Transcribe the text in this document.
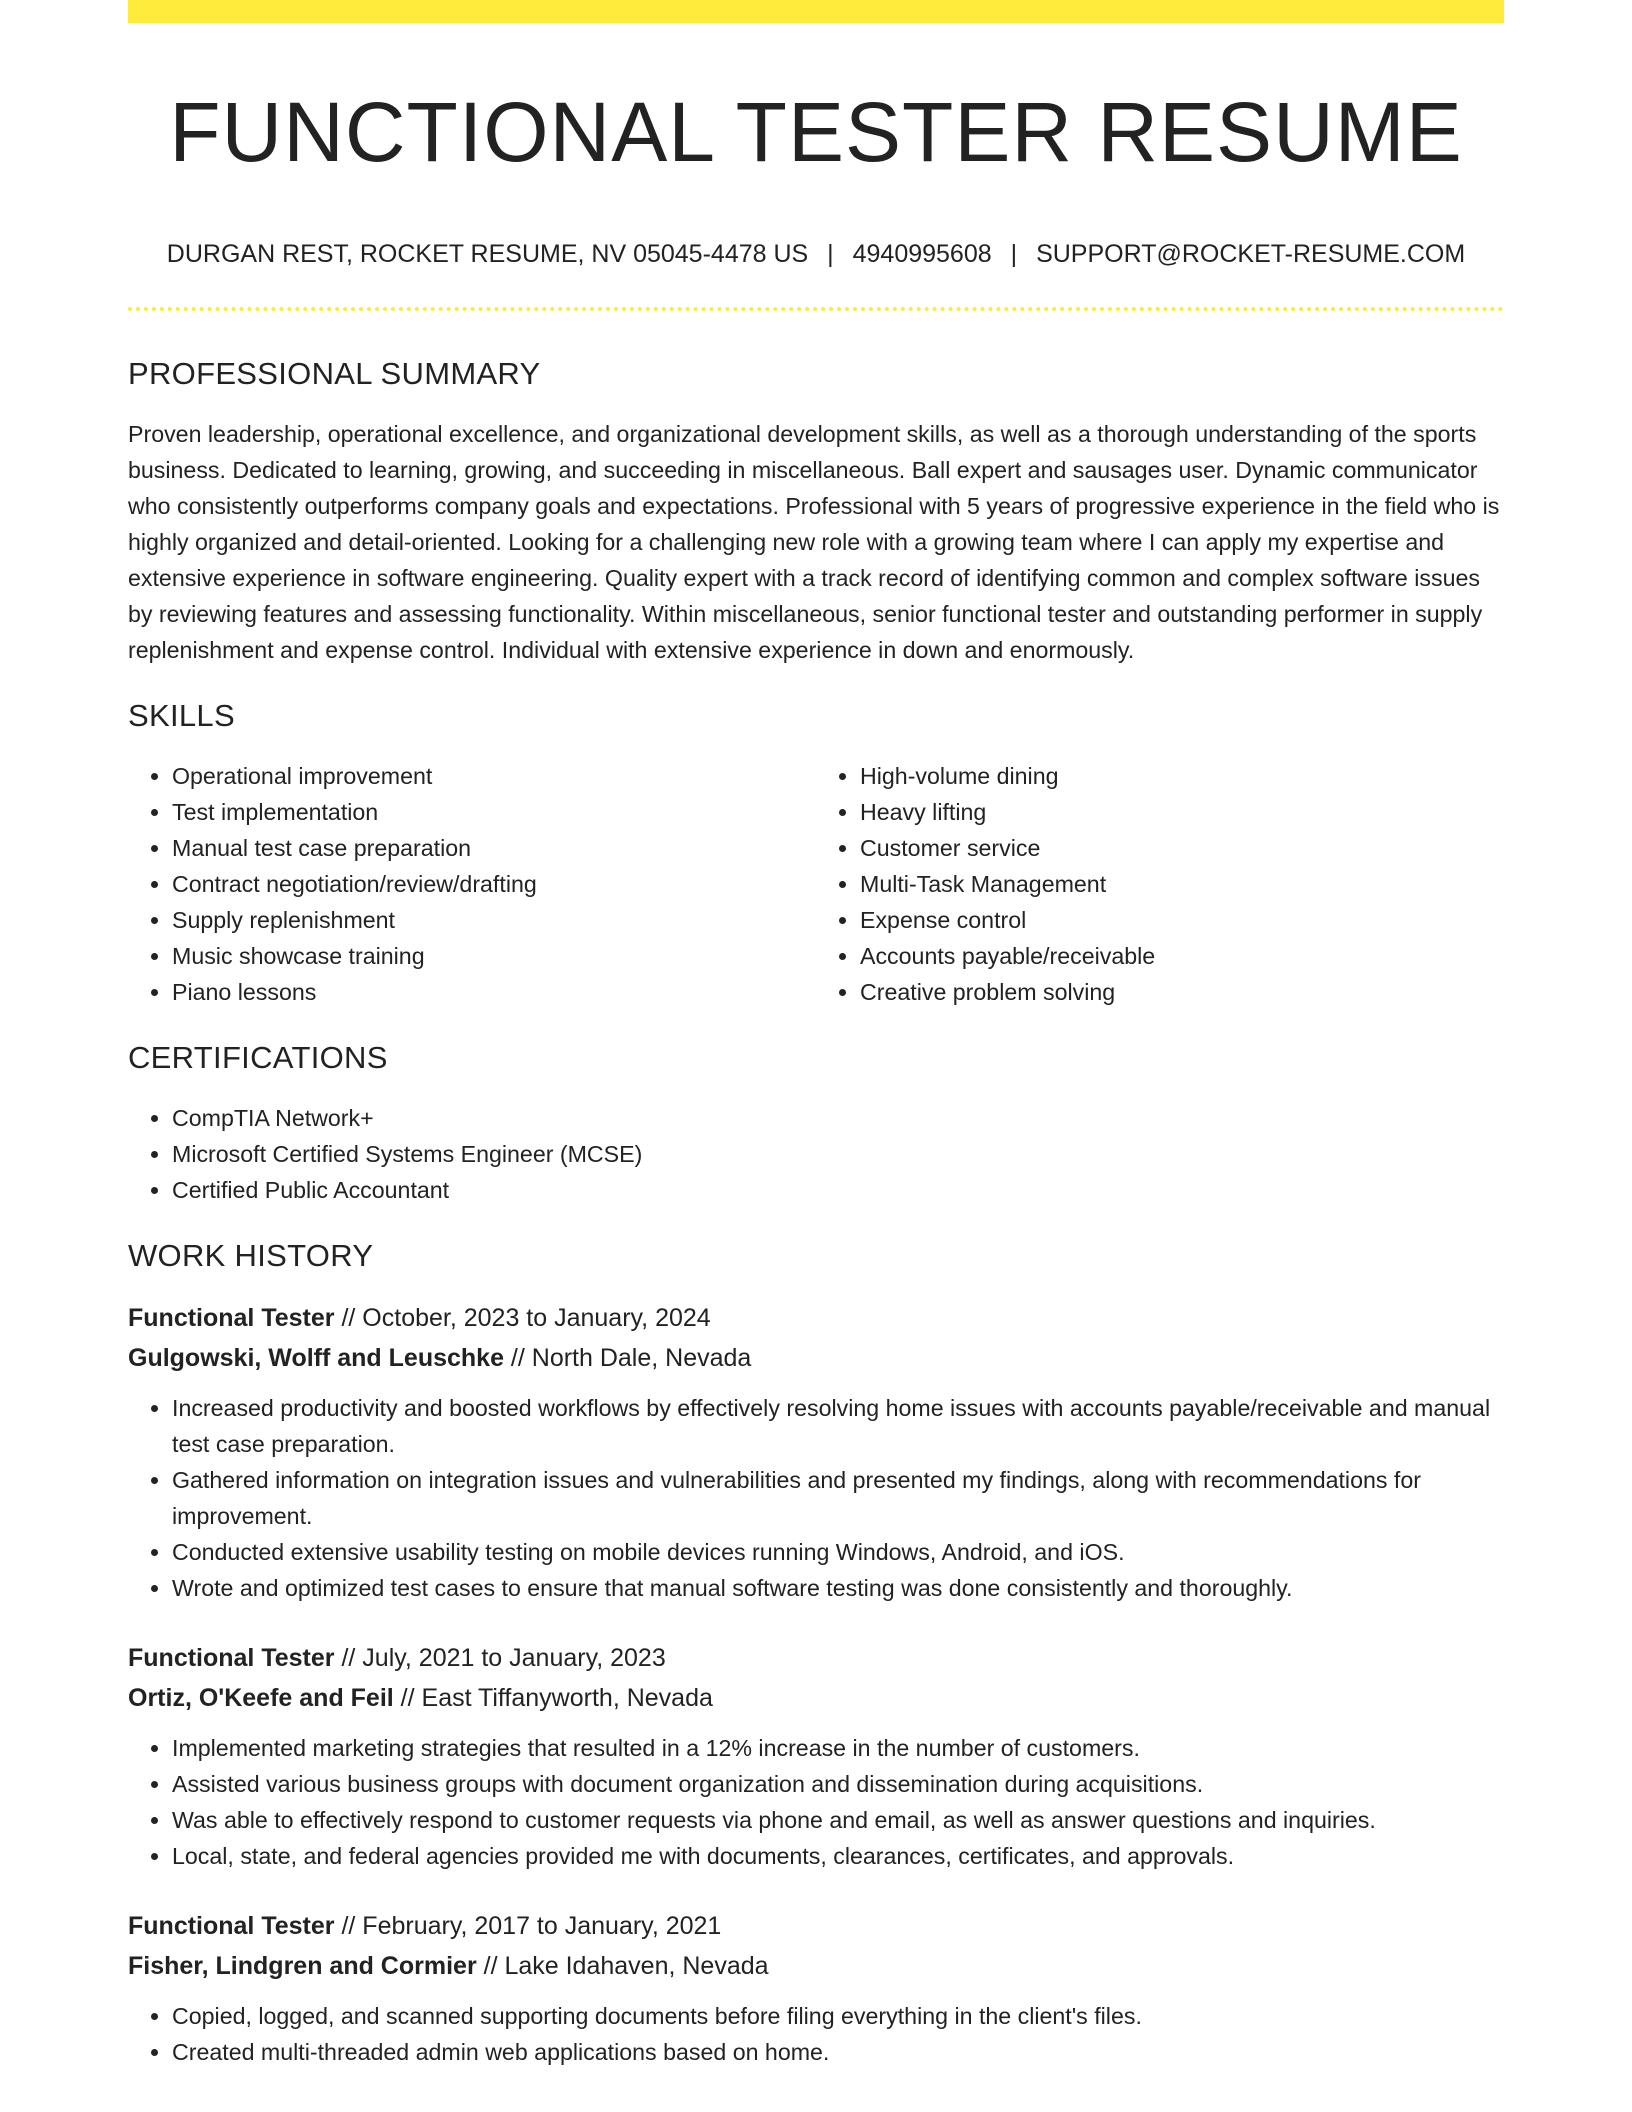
FUNCTIONAL TESTER RESUME
DURGAN REST, ROCKET RESUME, NV 05045-4478 US | 4940995608 | SUPPORT@ROCKET-RESUME.COM
PROFESSIONAL SUMMARY

Proven leadership, operational excellence, and organizational development skills, as well as a thorough understanding of the sports business. Dedicated to learning, growing, and succeeding in miscellaneous. Ball expert and sausages user. Dynamic communicator who consistently outperforms company goals and expectations. Professional with 5 years of progressive experience in the field who is highly organized and detail-oriented. Looking for a challenging new role with a growing team where I can apply my expertise and extensive experience in software engineering. Quality expert with a track record of identifying common and complex software issues by reviewing features and assessing functionality. Within miscellaneous, senior functional tester and outstanding performer in supply replenishment and expense control. Individual with extensive experience in down and enormously.

SKILLS
• Operational improvement
• Test implementation
• Manual test case preparation
• Contract negotiation/review/drafting
• Supply replenishment
• Music showcase training
• Piano lessons
• High-volume dining
• Heavy lifting
• Customer service
• Multi-Task Management
• Expense control
• Accounts payable/receivable
• Creative problem solving
CERTIFICATIONS
• CompTIA Network+
• Microsoft Certified Systems Engineer (MCSE)
• Certified Public Accountant
WORK HISTORY
Functional Tester // October, 2023 to January, 2024
Gulgowski, Wolff and Leuschke // North Dale, Nevada
• Increased productivity and boosted workflows by effectively resolving home issues with accounts payable/receivable and manual test case preparation.
• Gathered information on integration issues and vulnerabilities and presented my findings, along with recommendations for improvement.
• Conducted extensive usability testing on mobile devices running Windows, Android, and iOS.
• Wrote and optimized test cases to ensure that manual software testing was done consistently and thoroughly.
Functional Tester // July, 2021 to January, 2023
Ortiz, O'Keefe and Feil // East Tiffanyworth, Nevada
• Implemented marketing strategies that resulted in a 12% increase in the number of customers.
• Assisted various business groups with document organization and dissemination during acquisitions.
• Was able to effectively respond to customer requests via phone and email, as well as answer questions and inquiries.
• Local, state, and federal agencies provided me with documents, clearances, certificates, and approvals.
Functional Tester // February, 2017 to January, 2021
Fisher, Lindgren and Cormier // Lake Idahaven, Nevada
• Copied, logged, and scanned supporting documents before filing everything in the client's files.
• Created multi-threaded admin web applications based on home.
